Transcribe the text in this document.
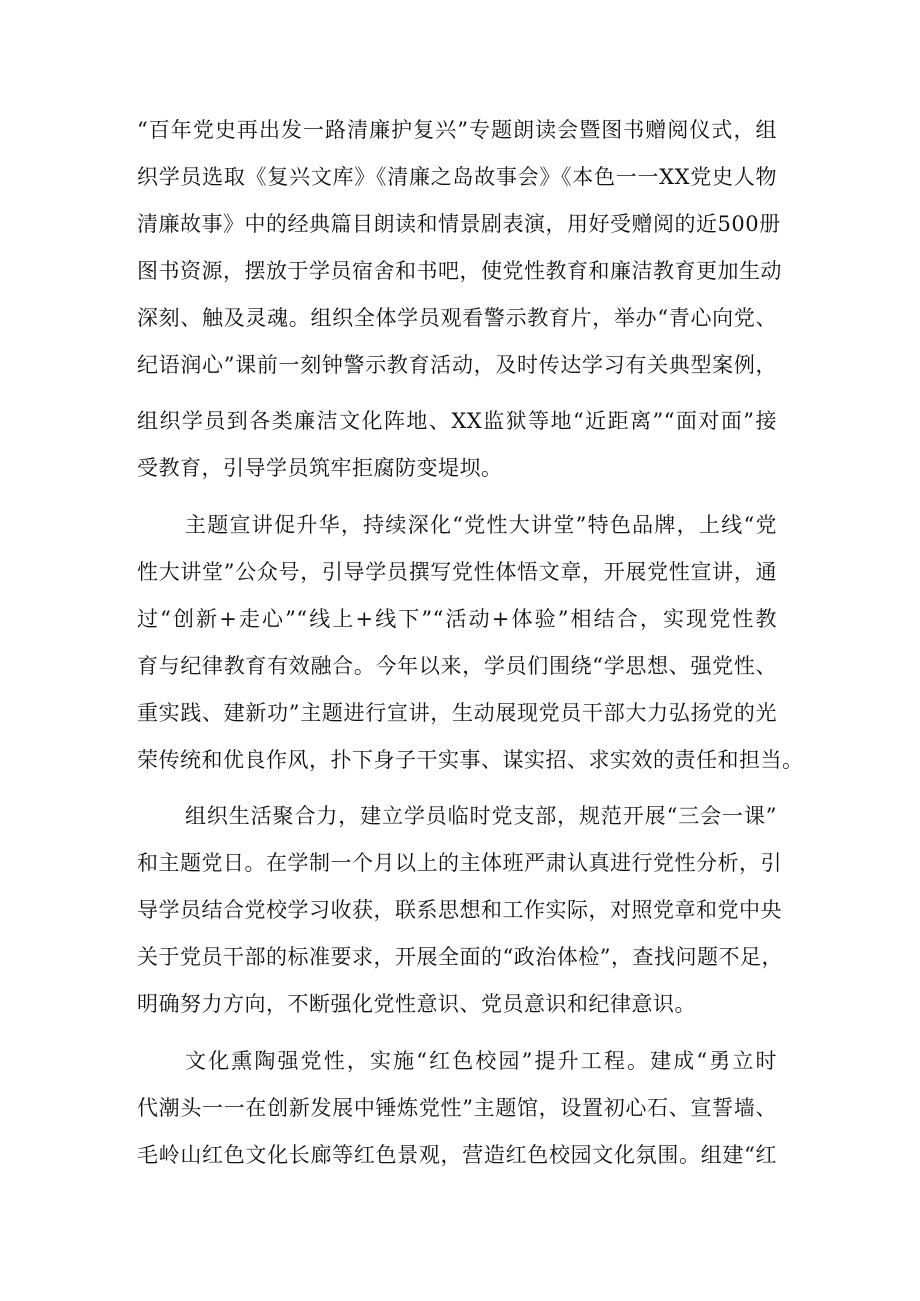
“百年党史再出发一路清廉护复兴”专题朗读会暨图书赠阅仪式，组
织学员选取《复兴文库》《清廉之岛故事会》《本色一一XX党史人物
清廉故事》中的经典篇目朗读和情景剧表演，用好受赠阅的近500册
图书资源，摆放于学员宿舍和书吧，使党性教育和廉洁教育更加生动
深刻、触及灵魂。组织全体学员观看警示教育片，举办“青心向党、
纪语润心”课前一刻钟警示教育活动，及时传达学习有关典型案例，
组织学员到各类廉洁文化阵地、XX监狱等地“近距离”“面对面”接
受教育，引导学员筑牢拒腐防变堤坝。
主题宣讲促升华，持续深化“党性大讲堂”特色品牌，上线“党
性大讲堂”公众号，引导学员撰写党性体悟文章，开展党性宣讲，通
过“创新+走心”“线上+线下”“活动+体验”相结合，实现党性教
育与纪律教育有效融合。今年以来，学员们围绕“学思想、强党性、
重实践、建新功”主题进行宣讲，生动展现党员干部大力弘扬党的光
荣传统和优良作风，扑下身子干实事、谋实招、求实效的责任和担当。
组织生活聚合力，建立学员临时党支部，规范开展“三会一课”
和主题党日。在学制一个月以上的主体班严肃认真进行党性分析，引
导学员结合党校学习收获，联系思想和工作实际，对照党章和党中央
关于党员干部的标准要求，开展全面的“政治体检”，查找问题不足，
明确努力方向，不断强化党性意识、党员意识和纪律意识。
文化熏陶强党性，实施“红色校园”提升工程。建成“勇立时
代潮头一一在创新发展中锤炼党性”主题馆，设置初心石、宣誓墙、
毛岭山红色文化长廊等红色景观，营造红色校园文化氛围。组建“红
